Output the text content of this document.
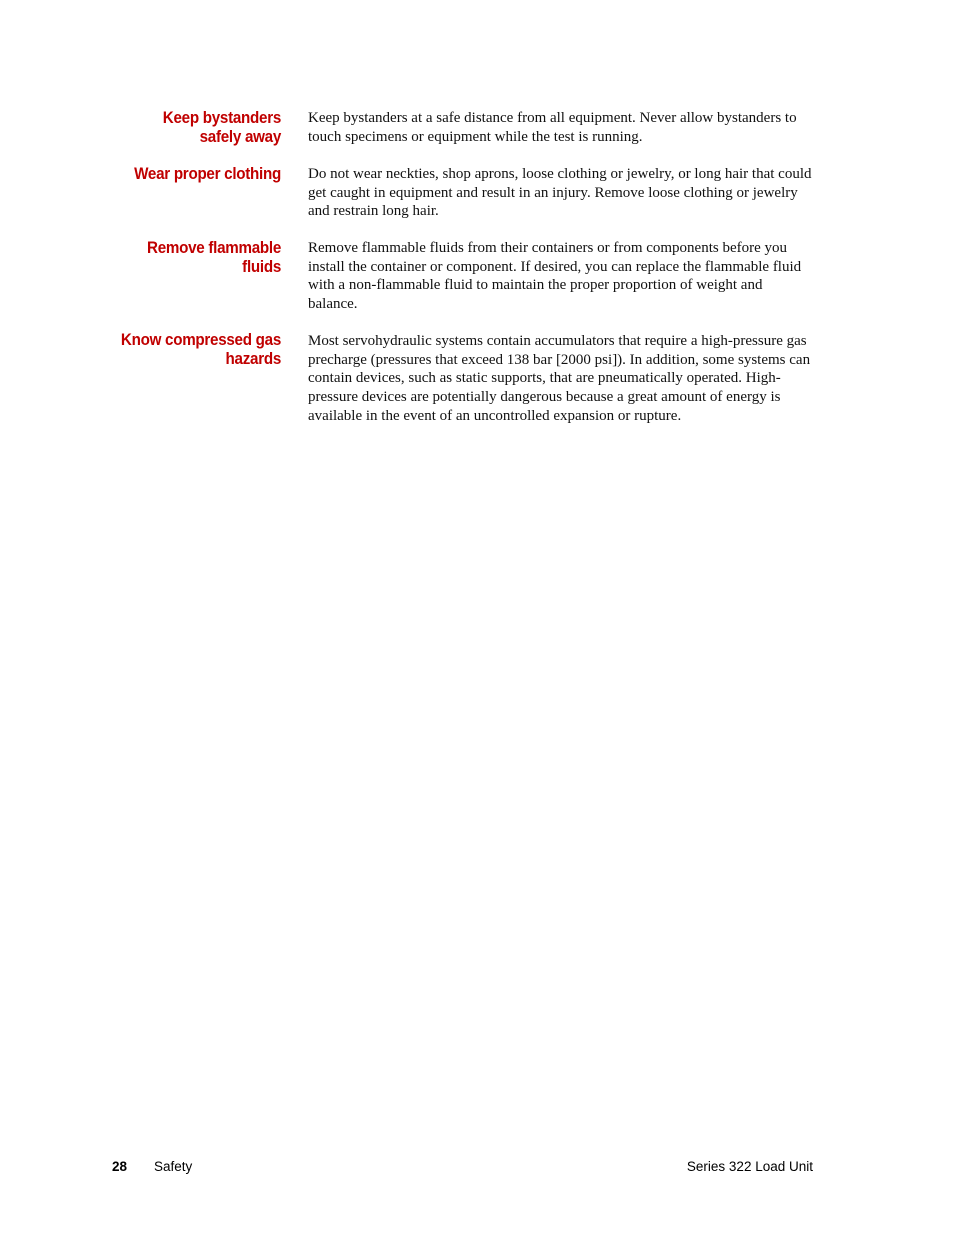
Keep bystanders
safely away
Keep bystanders at a safe distance from all equipment. Never allow bystanders to touch specimens or equipment while the test is running.
Wear proper clothing Do not wear neckties, shop aprons, loose clothing or jewelry, or long hair that could get caught in equipment and result in an injury. Remove loose clothing or jewelry and restrain long hair.
Remove flammable
fluids
Remove flammable fluids from their containers or from components before you install the container or component. If desired, you can replace the flammable fluid with a non-flammable fluid to maintain the proper proportion of weight and balance.
Know compressed gas
hazards
Most servohydraulic systems contain accumulators that require a high-pressure gas precharge (pressures that exceed 138 bar [2000 psi]). In addition, some systems can contain devices, such as static supports, that are pneumatically operated. High-pressure devices are potentially dangerous because a great amount of energy is available in the event of an uncontrolled expansion or rupture.
28 Safety	Series 322 Load Unit
